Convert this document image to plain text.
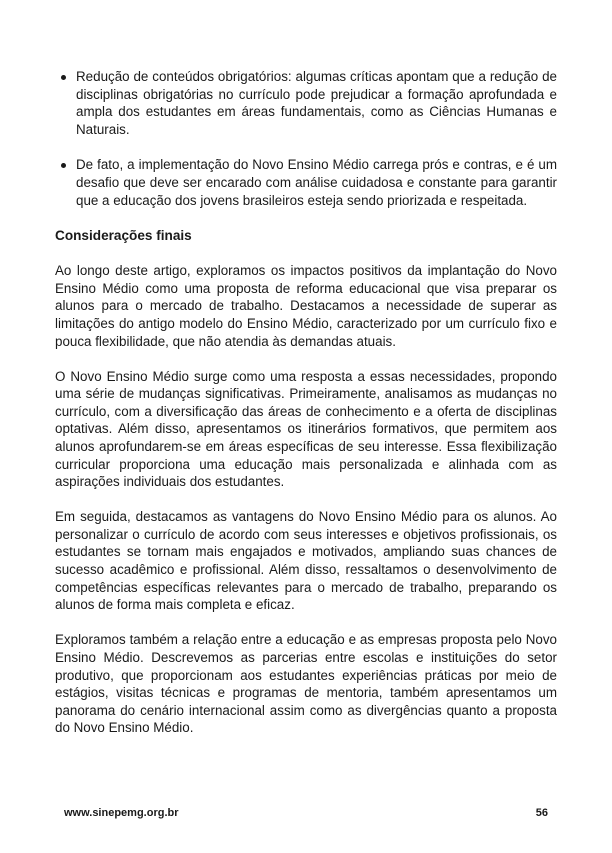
Redução de conteúdos obrigatórios: algumas críticas apontam que a redução de disciplinas obrigatórias no currículo pode prejudicar a formação aprofundada e ampla dos estudantes em áreas fundamentais, como as Ciências Humanas e Naturais.
De fato, a implementação do Novo Ensino Médio carrega prós e contras, e é um desafio que deve ser encarado com análise cuidadosa e constante para garantir que a educação dos jovens brasileiros esteja sendo priorizada e respeitada.
Considerações finais

Ao longo deste artigo, exploramos os impactos positivos da implantação do Novo Ensino Médio como uma proposta de reforma educacional que visa preparar os alunos para o mercado de trabalho. Destacamos a necessidade de superar as limitações do antigo modelo do Ensino Médio, caracterizado por um currículo fixo e pouca flexibilidade, que não atendia às demandas atuais.

O Novo Ensino Médio surge como uma resposta a essas necessidades, propondo uma série de mudanças significativas. Primeiramente, analisamos as mudanças no currículo, com a diversificação das áreas de conhecimento e a oferta de disciplinas optativas. Além disso, apresentamos os itinerários formativos, que permitem aos alunos aprofundarem-se em áreas específicas de seu interesse. Essa flexibilização curricular proporciona uma educação mais personalizada e alinhada com as aspirações individuais dos estudantes.

Em seguida, destacamos as vantagens do Novo Ensino Médio para os alunos. Ao personalizar o currículo de acordo com seus interesses e objetivos profissionais, os estudantes se tornam mais engajados e motivados, ampliando suas chances de sucesso acadêmico e profissional. Além disso, ressaltamos o desenvolvimento de competências específicas relevantes para o mercado de trabalho, preparando os alunos de forma mais completa e eficaz.

Exploramos também a relação entre a educação e as empresas proposta pelo Novo Ensino Médio. Descrevemos as parcerias entre escolas e instituições do setor produtivo, que proporcionam aos estudantes experiências práticas por meio de estágios, visitas técnicas e programas de mentoria, também apresentamos um panorama do cenário internacional assim como as divergências quanto a proposta do Novo Ensino Médio.

www.sinepemg.org.br	56
